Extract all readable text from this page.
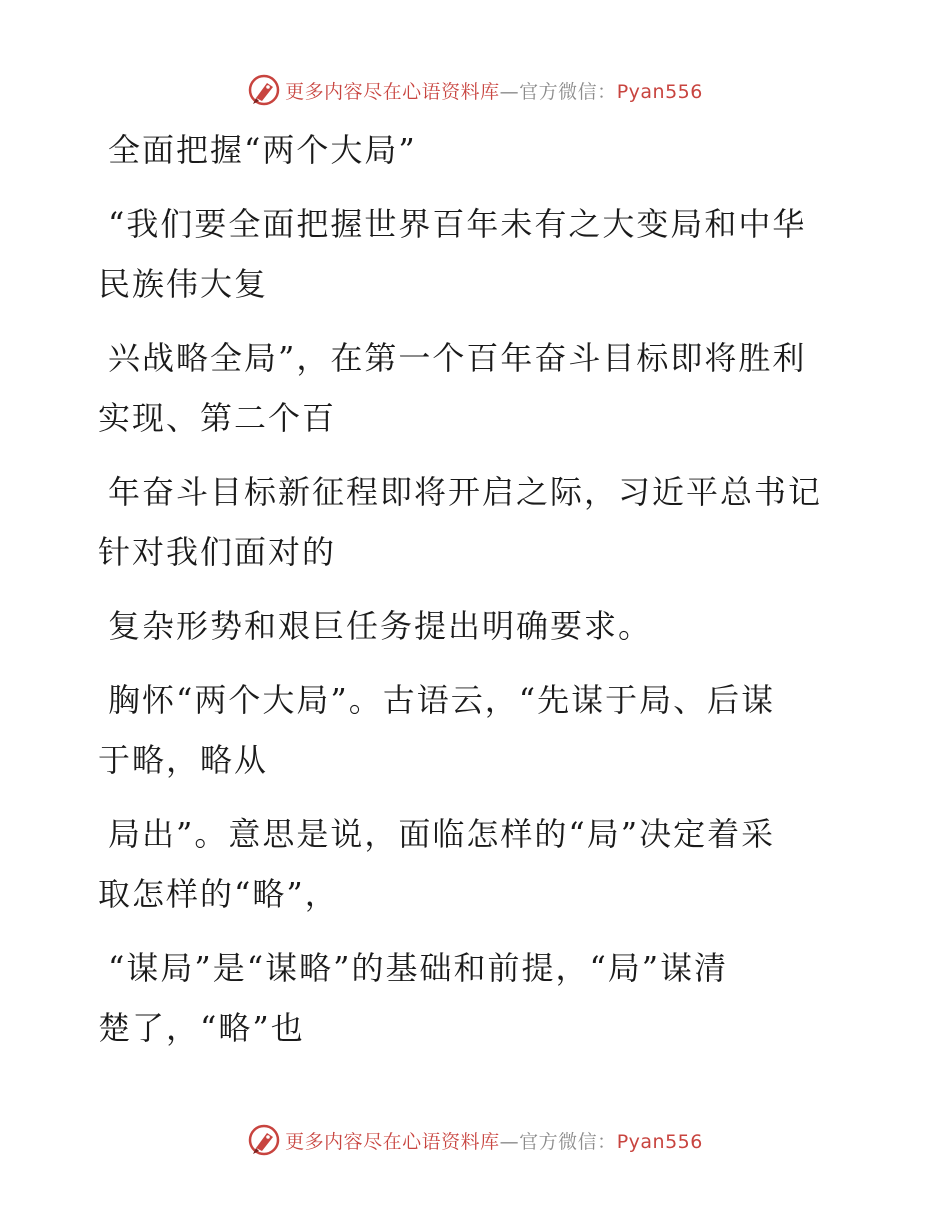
更多内容尽在心语资料库—官方微信：Pyan556
全面把握“两个大局”
“我们要全面把握世界百年未有之大变局和中华
民族伟大复
兴战略全局”，在第一个百年奋斗目标即将胜利
实现、第二个百
年奋斗目标新征程即将开启之际，习近平总书记
针对我们面对的
复杂形势和艰巨任务提出明确要求。
胸怀“两个大局”。古语云，“先谋于局、后谋
于略，略从
局出”。意思是说，面临怎样的“局”决定着采
取怎样的“略”，
“谋局”是“谋略”的基础和前提，“局”谋清
楚了，“略”也
更多内容尽在心语资料库—官方微信：Pyan556
